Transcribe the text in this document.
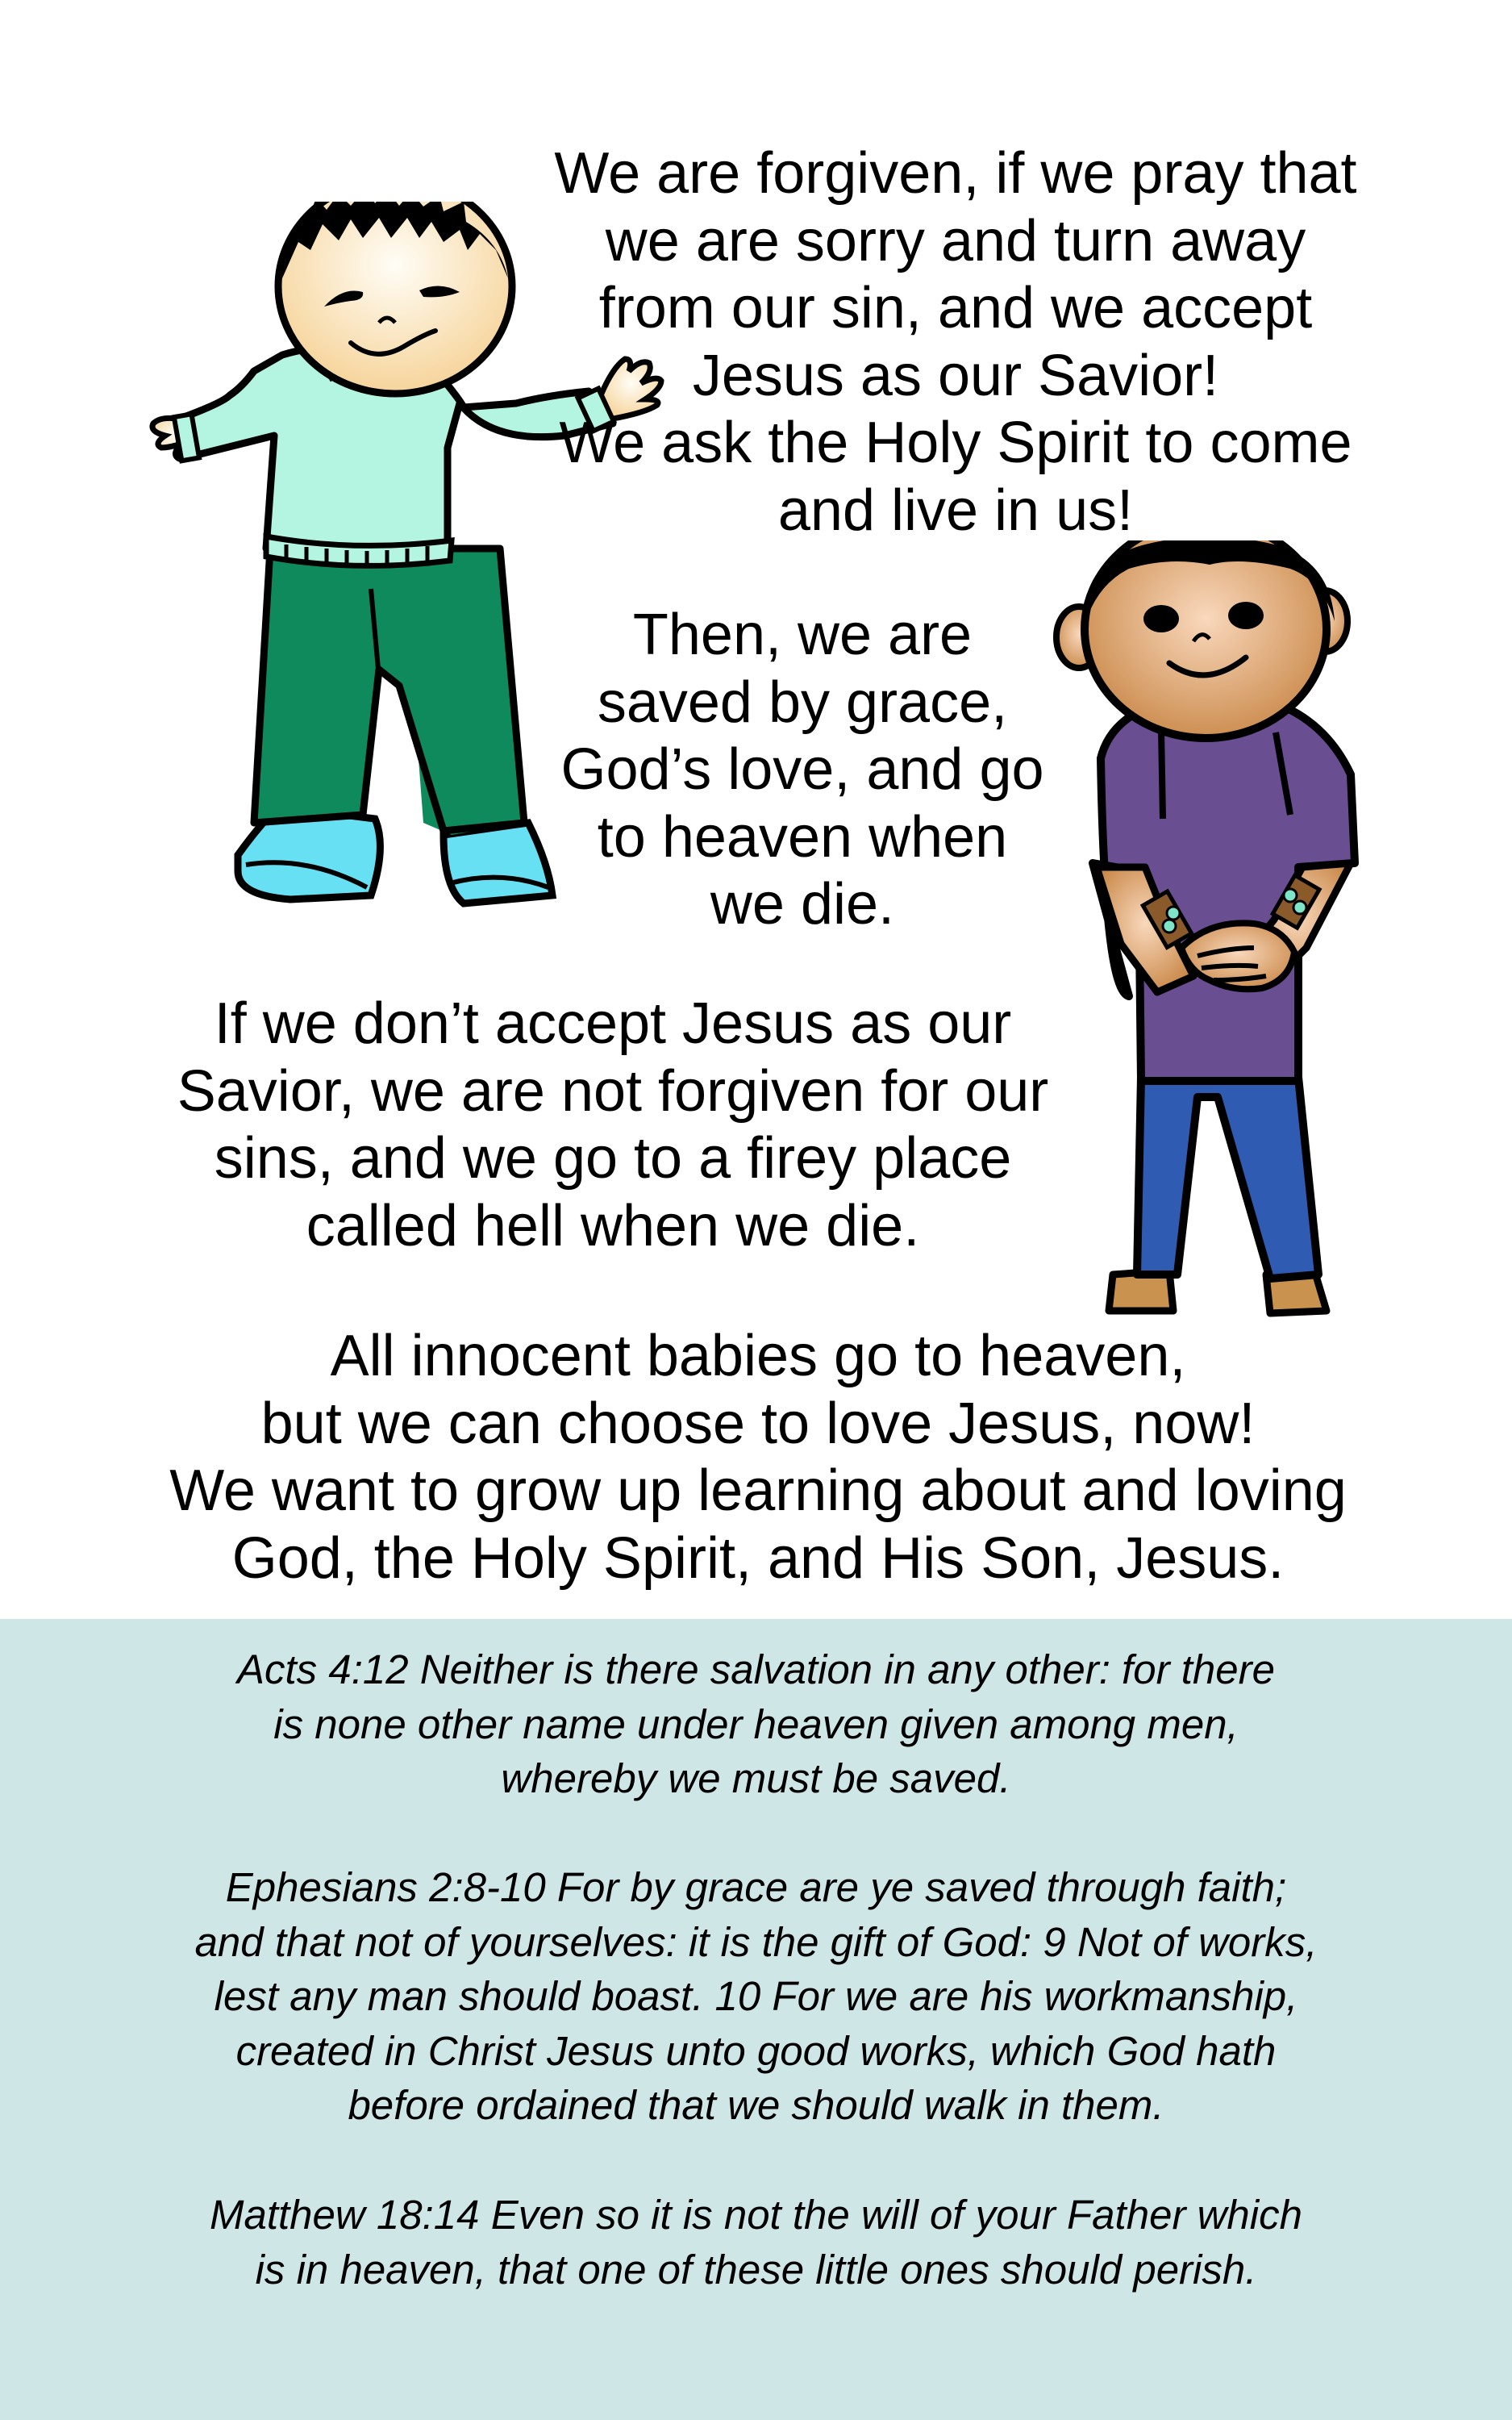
We are forgiven, if we pray that
we are sorry and turn away
from our sin, and we accept
Jesus as our Savior!
We ask the Holy Spirit to come
and live in us!
Then, we are
saved by grace,
God’s love, and go
to heaven when
we die.
If we don’t accept Jesus as our
Savior, we are not forgiven for our
sins, and we go to a firey place
called hell when we die.
All innocent babies go to heaven,
but we can choose to love Jesus, now!
We want to grow up learning about and loving
God, the Holy Spirit, and His Son, Jesus.
Acts 4:12 Neither is there salvation in any other: for there
is none other name under heaven given among men,
whereby we must be saved.
Ephesians 2:8-10 For by grace are ye saved through faith;
and that not of yourselves: it is the gift of God: 9 Not of works,
lest any man should boast. 10 For we are his workmanship,
created in Christ Jesus unto good works, which God hath
before ordained that we should walk in them.
Matthew 18:14 Even so it is not the will of your Father which
is in heaven, that one of these little ones should perish.
